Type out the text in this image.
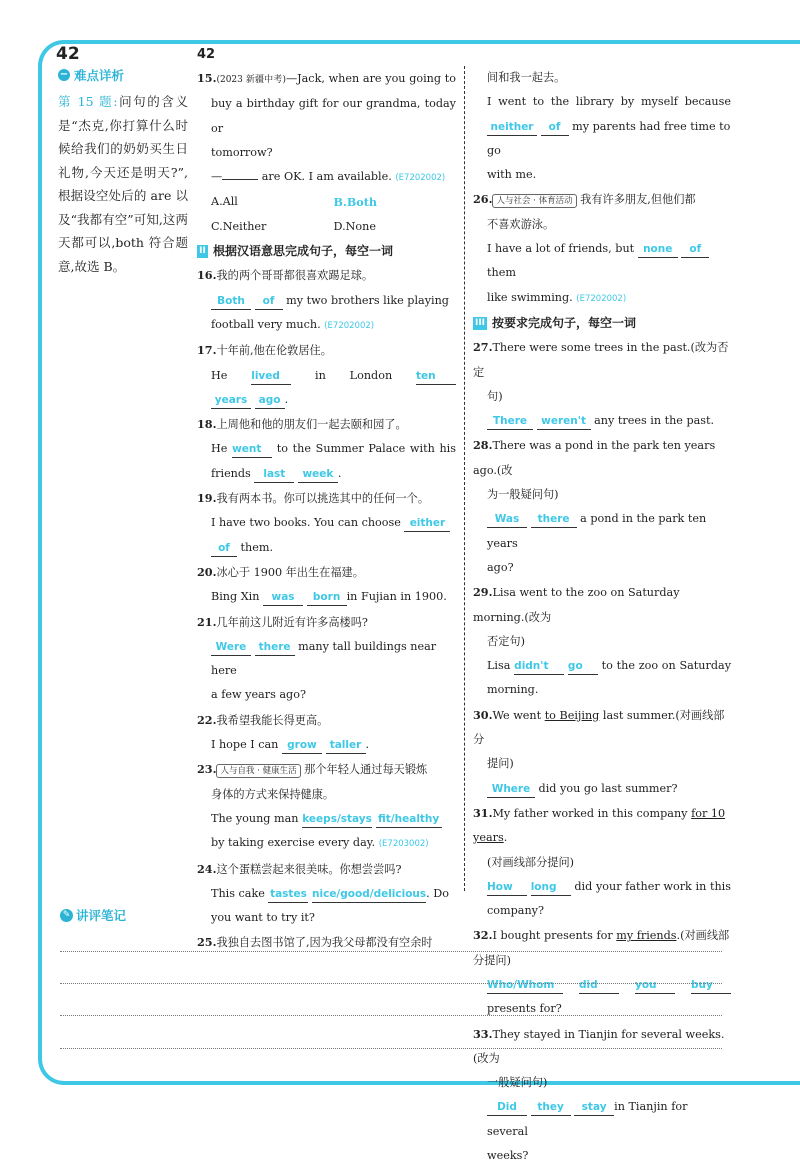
42	42
− 难点详析
第 15 题:问句的含义是“杰克,你打算什么时候给我们的奶奶买生日礼物,今天还是明天?”,根据设空处后的 are 以及“我都有空”可知,这两天都可以,both 符合题意,故选 B。

15.(2023 新疆中考)—Jack, when are you going to

buy a birthday gift for our grandma, today or

tomorrow?

—	are OK. I am available. (E7202002)

A.All	B.Both

C.Neither	D.None

II 根据汉语意思完成句子，每空一词

16.我的两个哥哥都很喜欢踢足球。

Both of my two brothers like playing

football very much. (E7202002)

17.十年前,他在伦敦居住。

He lived	in London ten

years ago .

18.上周他和他的朋友们一起去颐和园了。

He went to the Summer Palace with his

friends last week .

19.我有两本书。你可以挑选其中的任何一个。

I have two books. You can choose either

of them.

20.冰心于 1900 年出生在福建。

Bing Xin was born in Fujian in 1900.

21.几年前这儿附近有许多高楼吗?

Were there many tall buildings near here

a few years ago?

22.我希望我能长得更高。

I hope I can grow taller .

23. 人与自我 · 健康生活 那个年轻人通过每天锻炼

身体的方式来保持健康。

The young man keeps/stays fit/healthy

by taking exercise every day. (E7203002)

24.这个蛋糕尝起来很美味。你想尝尝吗?

This cake tastes nice/good/delicious. Do

you want to try it?

25.我独自去图书馆了,因为我父母都没有空余时

间和我一起去。

I went to the library by myself because

neither of my parents had free time to go

with me.

26. 人与社会 · 体育活动 我有许多朋友,但他们都

不喜欢游泳。

I have a lot of friends, but none of them

like swimming. (E7202002)

III 按要求完成句子，每空一词

27.There were some trees in the past.(改为否定

句)

There weren't any trees in the past.

28.There was a pond in the park ten years ago.(改

为一般疑问句)

Was there a pond in the park ten years

ago?

29.Lisa went to the zoo on Saturday morning.(改为

否定句)

Lisa didn't go to the zoo on Saturday

morning.

30.We went to Beijing last summer.(对画线部分

提问)

Where did you go last summer?

31.My father worked in this company for 10 years.

(对画线部分提问)

How long did your father work in this

company?

32.I bought presents for my friends.(对画线部分提问)

Who/Whom did	you	buy

presents for?

33.They stayed in Tianjin for several weeks.(改为

一般疑问句)

Did they stay in Tianjin for several

weeks?

✎ 讲评笔记
